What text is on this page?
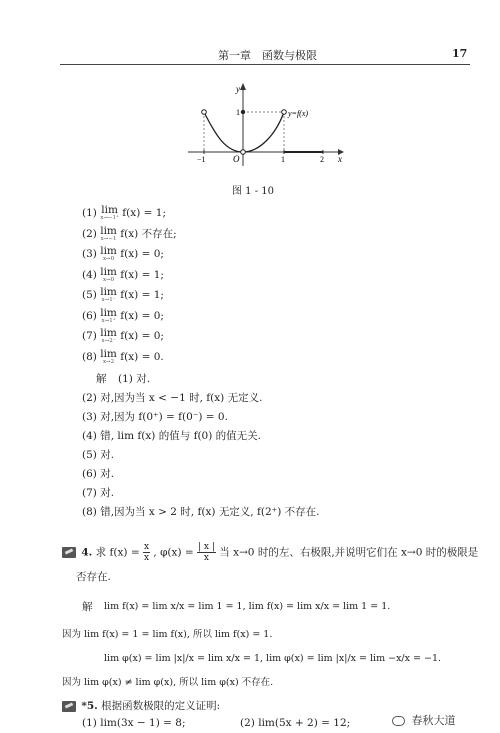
第一章 函数与极限	17
y
x
y=f(x)
O
1
−1	1	2
图 1 - 10
(1) lim
x→−1⁺ f(x) = 1;
(2) lim
x→−1 f(x) 不存在;
(3) lim
x→0 f(x) = 0;
(4) lim
x→0 f(x) = 1;
(5) lim
x→1⁻ f(x) = 1;
(6) lim
x→1⁺ f(x) = 0;
(7) lim
x→2⁻ f(x) = 0;
(8) lim
x→2 f(x) = 0.
解 (1) 对.
(2) 对,因为当 x < −1 时, f(x) 无定义.
(3) 对,因为 f(0⁺) = f(0⁻) = 0.
(4) 错, lim f(x) 的值与 f(0) 的值无关.
(5) 对.
(6) 对.
(7) 对.
(8) 错,因为当 x > 2 时, f(x) 无定义, f(2⁺) 不存在.
4. 求 $f(x) = \frac{x}{x}$ , $\varphi(x) = \frac{| x |}{x}$ 当 x→0 时的左、右极限,并说明它们在 x→0 时的极限是
否存在.
解 lim f(x) = lim x/x = lim 1 = 1, lim f(x) = lim x/x = lim 1 = 1.
因为 lim f(x) = 1 = lim f(x), 所以 lim f(x) = 1.
lim φ(x) = lim |x|/x = lim x/x = 1, lim φ(x) = lim |x|/x = lim −x/x = −1.
因为 lim φ(x) ≠ lim φ(x), 所以 lim φ(x) 不存在.
*5. 根据函数极限的定义证明:
(1) lim(3x − 1) = 8;	(2) lim(5x + 2) = 12;	春秋大道
